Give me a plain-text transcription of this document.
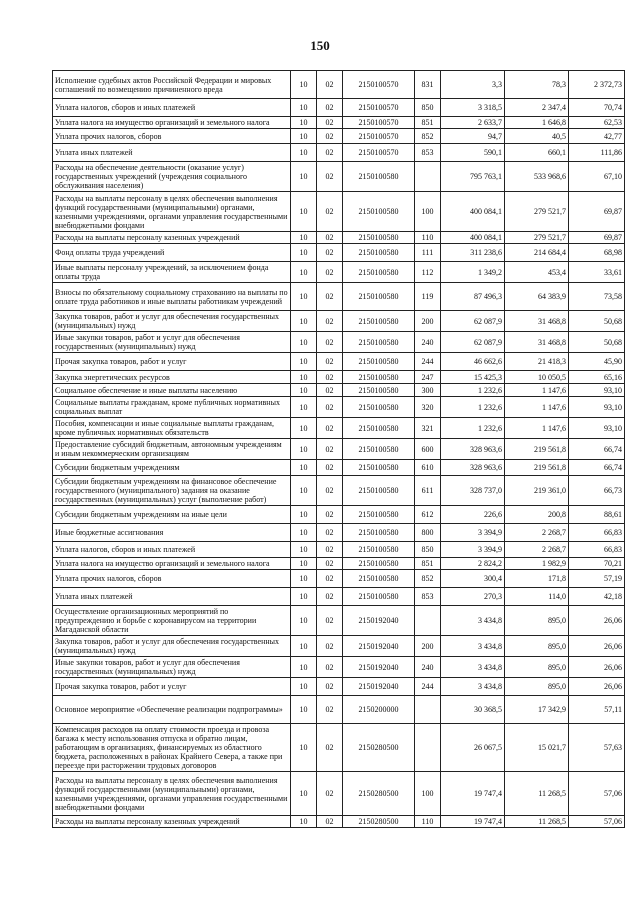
150
Исполнение судебных актов Российской Федерации и мировых соглашений по возмещению причиненного вреда	10	02	2150100570	831	3,3	78,3	2 372,73
Уплата налогов, сборов и иных платежей	10	02	2150100570	850	3 318,5	2 347,4	70,74
Уплата налога на имущество организаций и земельного налога	10	02	2150100570	851	2 633,7	1 646,8	62,53
Уплата прочих налогов, сборов	10	02	2150100570	852	94,7	40,5	42,77
Уплата иных платежей	10	02	2150100570	853	590,1	660,1	111,86
Расходы на обеспечение деятельности (оказание услуг) государственных учреждений (учреждения социального обслуживания населения)	10	02	2150100580		795 763,1	533 968,6	67,10
Расходы на выплаты персоналу в целях обеспечения выполнения функций государственными (муниципальными) органами, казенными учреждениями, органами управления государственными внебюджетными фондами	10	02	2150100580	100	400 084,1	279 521,7	69,87
Расходы на выплаты персоналу казенных учреждений	10	02	2150100580	110	400 084,1	279 521,7	69,87
Фонд оплаты труда учреждений	10	02	2150100580	111	311 238,6	214 684,4	68,98
Иные выплаты персоналу учреждений, за исключением фонда оплаты труда	10	02	2150100580	112	1 349,2	453,4	33,61
Взносы по обязательному социальному страхованию на выплаты по оплате труда работников и иные выплаты работникам учреждений	10	02	2150100580	119	87 496,3	64 383,9	73,58
Закупка товаров, работ и услуг для обеспечения государственных (муниципальных) нужд	10	02	2150100580	200	62 087,9	31 468,8	50,68
Иные закупки товаров, работ и услуг для обеспечения государственных (муниципальных) нужд	10	02	2150100580	240	62 087,9	31 468,8	50,68
Прочая закупка товаров, работ и услуг	10	02	2150100580	244	46 662,6	21 418,3	45,90
Закупка энергетических ресурсов	10	02	2150100580	247	15 425,3	10 050,5	65,16
Социальное обеспечение и иные выплаты населению	10	02	2150100580	300	1 232,6	1 147,6	93,10
Социальные выплаты гражданам, кроме публичных нормативных социальных выплат	10	02	2150100580	320	1 232,6	1 147,6	93,10
Пособия, компенсации и иные социальные выплаты гражданам, кроме публичных нормативных обязательств	10	02	2150100580	321	1 232,6	1 147,6	93,10
Предоставление субсидий бюджетным, автономным учреждениям и иным некоммерческим организациям	10	02	2150100580	600	328 963,6	219 561,8	66,74
Субсидии бюджетным учреждениям	10	02	2150100580	610	328 963,6	219 561,8	66,74
Субсидии бюджетным учреждениям на финансовое обеспечение государственного (муниципального) задания на оказание государственных (муниципальных) услуг (выполнение работ)	10	02	2150100580	611	328 737,0	219 361,0	66,73
Субсидии бюджетным учреждениям на иные цели	10	02	2150100580	612	226,6	200,8	88,61
Иные бюджетные ассигнования	10	02	2150100580	800	3 394,9	2 268,7	66,83
Уплата налогов, сборов и иных платежей	10	02	2150100580	850	3 394,9	2 268,7	66,83
Уплата налога на имущество организаций и земельного налога	10	02	2150100580	851	2 824,2	1 982,9	70,21
Уплата прочих налогов, сборов	10	02	2150100580	852	300,4	171,8	57,19
Уплата иных платежей	10	02	2150100580	853	270,3	114,0	42,18
Осуществление организационных мероприятий по предупреждению и борьбе с коронавирусом на территории Магаданской области	10	02	2150192040		3 434,8	895,0	26,06
Закупка товаров, работ и услуг для обеспечения государственных (муниципальных) нужд	10	02	2150192040	200	3 434,8	895,0	26,06
Иные закупки товаров, работ и услуг для обеспечения государственных (муниципальных) нужд	10	02	2150192040	240	3 434,8	895,0	26,06
Прочая закупка товаров, работ и услуг	10	02	2150192040	244	3 434,8	895,0	26,06
Основное мероприятие «Обеспечение реализации подпрограммы»	10	02	2150200000		30 368,5	17 342,9	57,11
Компенсация расходов на оплату стоимости проезда и провоза багажа к месту использования отпуска и обратно лицам, работающим в организациях, финансируемых из областного бюджета, расположенных в районах Крайнего Севера, а также при переезде при расторжении трудовых договоров	10	02	2150280500		26 067,5	15 021,7	57,63
Расходы на выплаты персоналу в целях обеспечения выполнения функций государственными (муниципальными) органами, казенными учреждениями, органами управления государственными внебюджетными фондами	10	02	2150280500	100	19 747,4	11 268,5	57,06
Расходы на выплаты персоналу казенных учреждений	10	02	2150280500	110	19 747,4	11 268,5	57,06
